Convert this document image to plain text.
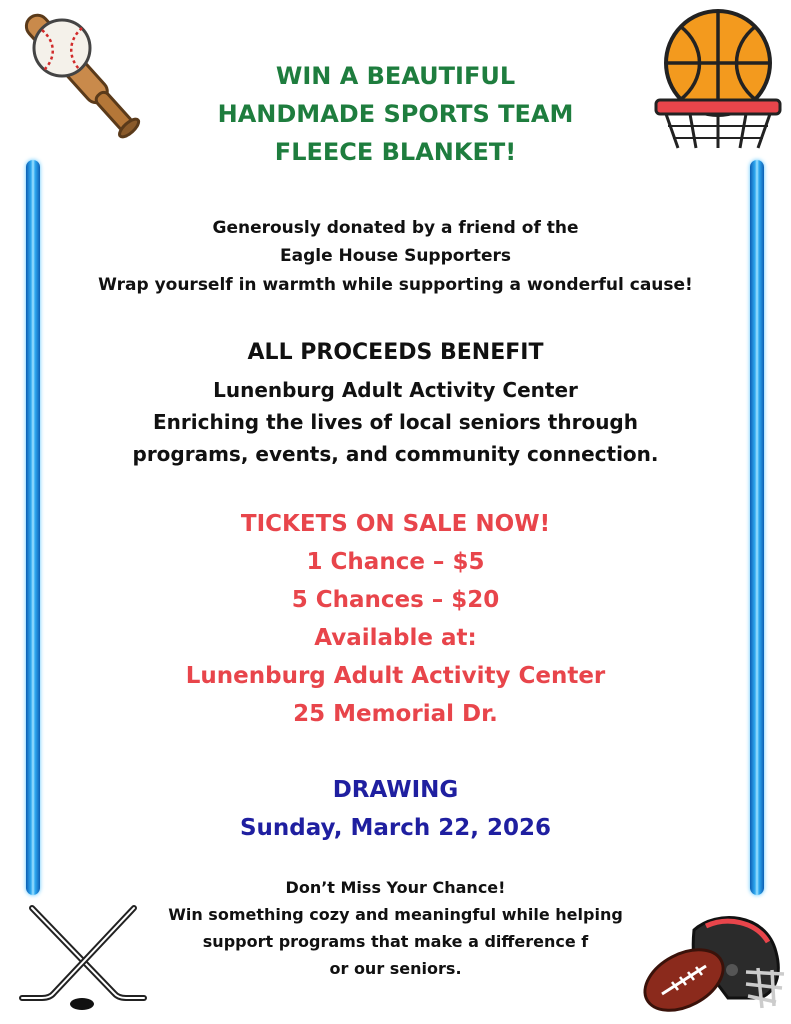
WIN A BEAUTIFUL
HANDMADE SPORTS TEAM
FLEECE BLANKET!
Generously donated by a friend of the
Eagle House Supporters
Wrap yourself in warmth while supporting a wonderful cause!
ALL PROCEEDS BENEFIT
Lunenburg Adult Activity Center
Enriching the lives of local seniors through
programs, events, and community connection.
TICKETS ON SALE NOW!
1 Chance – $5
5 Chances – $20
Available at:
Lunenburg Adult Activity Center
25 Memorial Dr.
DRAWING
Sunday, March 22, 2026
Don’t Miss Your Chance!
Win something cozy and meaningful while helping
support programs that make a difference f
or our seniors.
